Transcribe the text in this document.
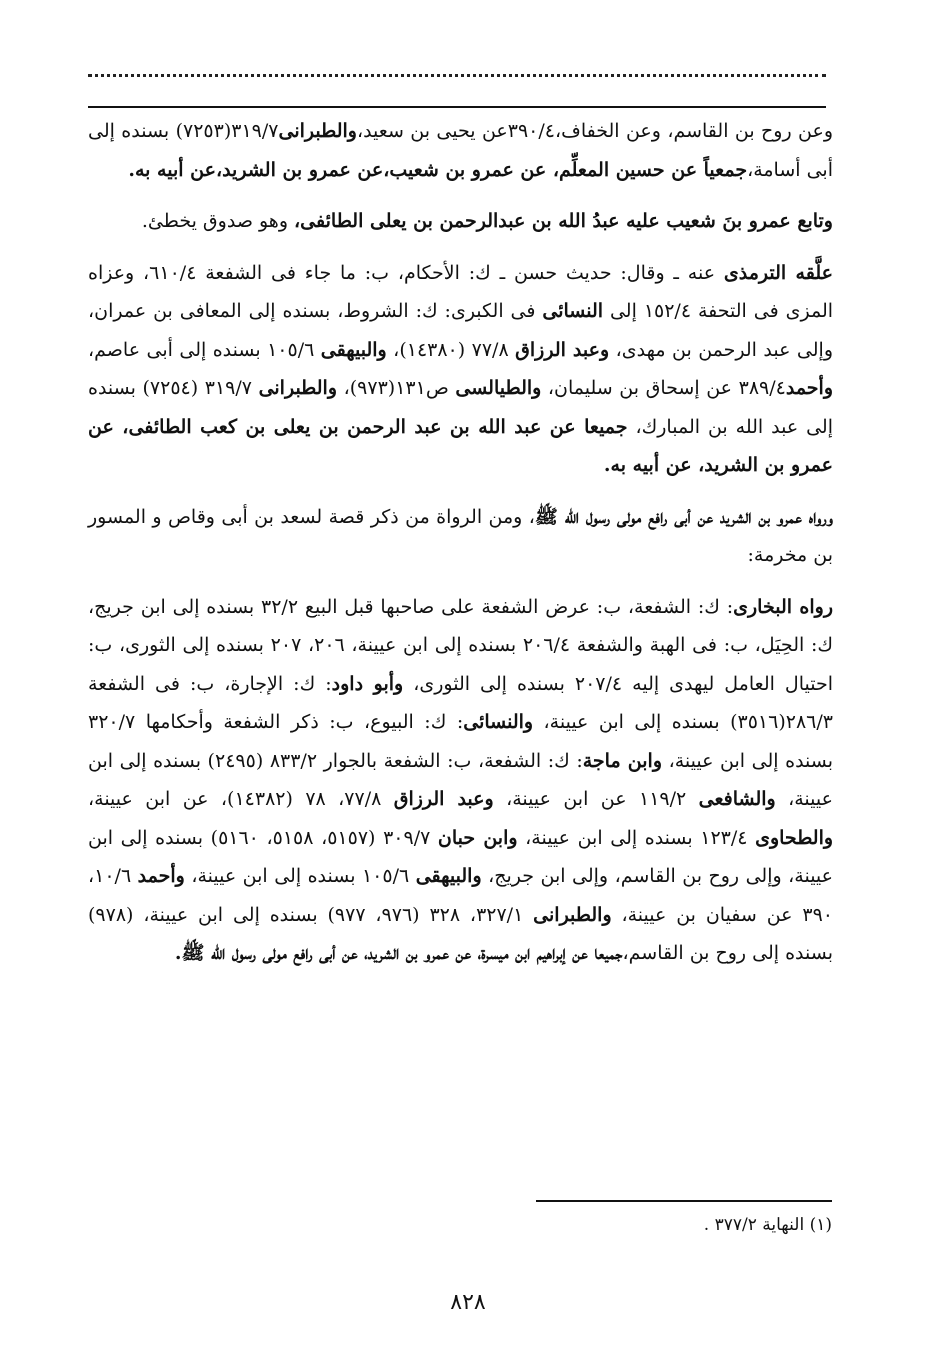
وعن روح بن القاسم، وعن الخفاف،٣٩٠/٤عن يحيى بن سعيد،والطبرانى٣١٩/٧(٧٢٥٣) بسنده إلى أبى أسامة،جمعياً عن حسين المعلِّم، عن عمرو بن شعيب،عن عمرو بن الشريد،عن أبيه به.

وتابع عمرو بنَ شعيب عليه عبدُ الله بن عبدالرحمن بن يعلى الطائفى، وهو صدوق يخطئ.

علَّقه الترمذى عنه ـ وقال: حديث حسن ـ ك: الأحكام، ب: ما جاء فى الشفعة ٦١٠/٤، وعزاه المزى فى التحفة ١٥٢/٤ إلى النسائى فى الكبرى: ك: الشروط، بسنده إلى المعافى بن عمران، وإلى عبد الرحمن بن مهدى، وعبد الرزاق ٧٧/٨ (١٤٣٨٠)، والبيهقى ١٠٥/٦ بسنده إلى أبى عاصم، وأحمد٣٨٩/٤ عن إسحاق بن سليمان، والطيالسى ص١٣١(٩٧٣)، والطبرانى ٣١٩/٧ (٧٢٥٤) بسنده إلى عبد الله بن المبارك، جميعا عن عبد الله بن عبد الرحمن بن يعلى بن كعب الطائفى، عن عمرو بن الشريد، عن أبيه به.

ورواه عمرو بن الشريد عن أبى رافع مولى رسول الله ﷺ، ومن الرواة من ذكر قصة لسعد بن أبى وقاص و المسور بن مخرمة:

رواه البخارى: ك: الشفعة، ب: عرض الشفعة على صاحبها قبل البيع ٣٢/٢ بسنده إلى ابن جريج، ك: الحِيَل، ب: فى الهبة والشفعة ٢٠٦/٤ بسنده إلى ابن عيينة، ٢٠٦، ٢٠٧ بسنده إلى الثورى، ب: احتيال العامل ليهدى إليه ٢٠٧/٤ بسنده إلى الثورى، وأبو داود: ك: الإجارة، ب: فى الشفعة ٢٨٦/٣(٣٥١٦) بسنده إلى ابن عيينة، والنسائى: ك: البيوع، ب: ذكر الشفعة وأحكامها ٣٢٠/٧ بسنده إلى ابن عيينة، وابن ماجة: ك: الشفعة، ب: الشفعة بالجوار ٨٣٣/٢ (٢٤٩٥) بسنده إلى ابن عيينة، والشافعى ١١٩/٢ عن ابن عيينة، وعبد الرزاق ٧٧/٨، ٧٨ (١٤٣٨٢)، عن ابن عيينة، والطحاوى ١٢٣/٤ بسنده إلى ابن عيينة، وابن حبان ٣٠٩/٧ (٥١٥٧، ٥١٥٨، ٥١٦٠) بسنده إلى ابن عيينة، وإلى روح بن القاسم، وإلى ابن جريج، والبيهقى ١٠٥/٦ بسنده إلى ابن عيينة، وأحمد ١٠/٦، ٣٩٠ عن سفيان بن عيينة، والطبرانى ٣٢٧/١، ٣٢٨ (٩٧٦، ٩٧٧) بسنده إلى ابن عيينة، (٩٧٨) بسنده إلى روح بن القاسم،جميعا عن إبراهيم ابن ميسرة، عن عمرو بن الشريد، عن أبى رافع مولى رسول الله ﷺ.

(١) النهاية ٣٧٧/٢ .
٨٢٨
